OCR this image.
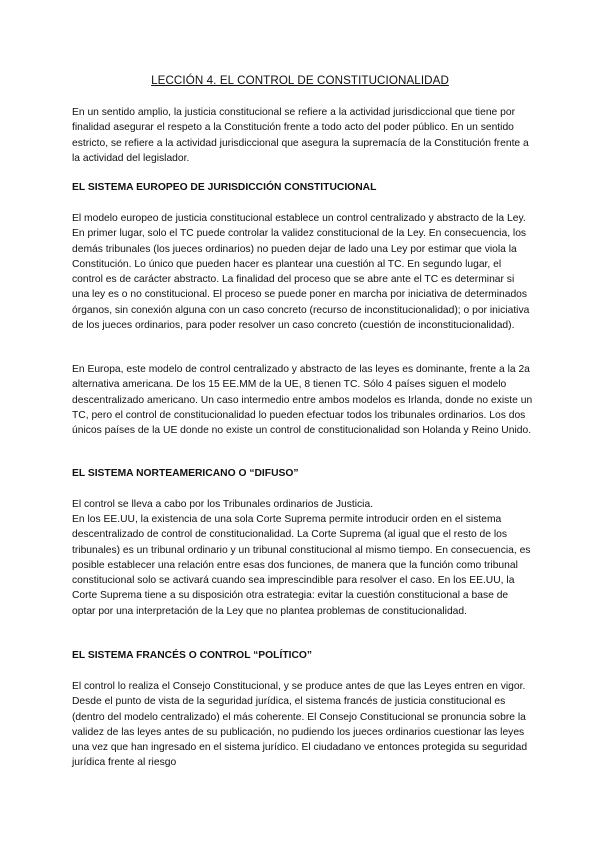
LECCIÓN 4. EL CONTROL DE CONSTITUCIONALIDAD

En un sentido amplio, la justicia constitucional se refiere a la actividad jurisdiccional que tiene por finalidad asegurar el respeto a la Constitución frente a todo acto del poder público. En un sentido estricto, se refiere a la actividad jurisdiccional que asegura la supremacía de la Constitución frente a la actividad del legislador.

EL SISTEMA EUROPEO DE JURISDICCIÓN CONSTITUCIONAL

El modelo europeo de justicia constitucional establece un control centralizado y abstracto de la Ley. En primer lugar, solo el TC puede controlar la validez constitucional de la Ley. En consecuencia, los demás tribunales (los jueces ordinarios) no pueden dejar de lado una Ley por estimar que viola la Constitución. Lo único que pueden hacer es plantear una cuestión al TC. En segundo lugar, el control es de carácter abstracto. La finalidad del proceso que se abre ante el TC es determinar si una ley es o no constitucional. El proceso se puede poner en marcha por iniciativa de determinados órganos, sin conexión alguna con un caso concreto (recurso de inconstitucionalidad); o por iniciativa de los jueces ordinarios, para poder resolver un caso concreto (cuestión de inconstitucionalidad).

En Europa, este modelo de control centralizado y abstracto de las leyes es dominante, frente a la 2a alternativa americana. De los 15 EE.MM de la UE, 8 tienen TC. Sólo 4 países siguen el modelo descentralizado americano. Un caso intermedio entre ambos modelos es Irlanda, donde no existe un TC, pero el control de constitucionalidad lo pueden efectuar todos los tribunales ordinarios. Los dos únicos países de la UE donde no existe un control de constitucionalidad son Holanda y Reino Unido.

EL SISTEMA NORTEAMERICANO O “DIFUSO”

El control se lleva a cabo por los Tribunales ordinarios de Justicia.

En los EE.UU, la existencia de una sola Corte Suprema permite introducir orden en el sistema descentralizado de control de constitucionalidad. La Corte Suprema (al igual que el resto de los tribunales) es un tribunal ordinario y un tribunal constitucional al mismo tiempo. En consecuencia, es posible establecer una relación entre esas dos funciones, de manera que la función como tribunal constitucional solo se activará cuando sea imprescindible para resolver el caso. En los EE.UU, la Corte Suprema tiene a su disposición otra estrategia: evitar la cuestión constitucional a base de optar por una interpretación de la Ley que no plantea problemas de constitucionalidad.

EL SISTEMA FRANCÉS O CONTROL “POLÍTICO”

El control lo realiza el Consejo Constitucional, y se produce antes de que las Leyes entren en vigor. Desde el punto de vista de la seguridad jurídica, el sistema francés de justicia constitucional es (dentro del modelo centralizado) el más coherente. El Consejo Constitucional se pronuncia sobre la validez de las leyes antes de su publicación, no pudiendo los jueces ordinarios cuestionar las leyes una vez que han ingresado en el sistema jurídico. El ciudadano ve entonces protegida su seguridad jurídica frente al riesgo
